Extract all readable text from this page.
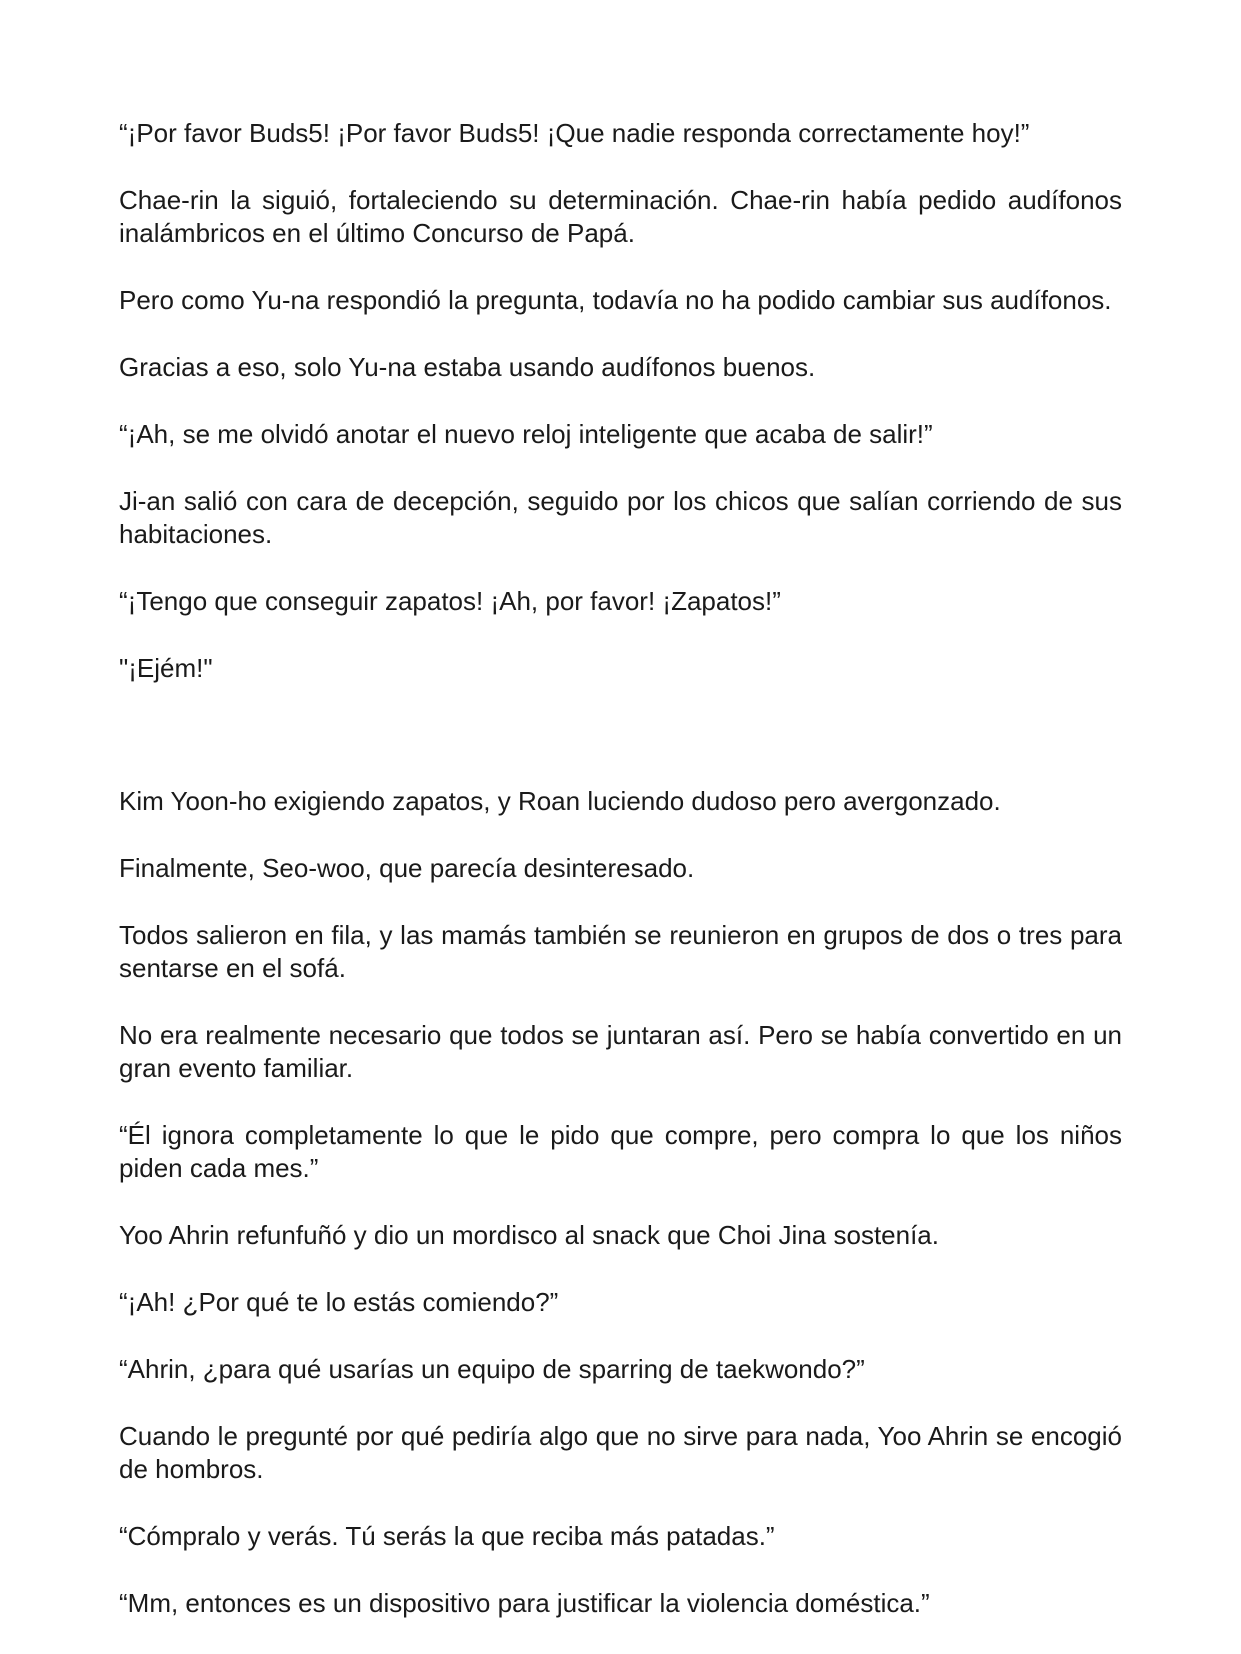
“¡Por favor Buds5! ¡Por favor Buds5! ¡Que nadie responda correctamente hoy!”

Chae-rin la siguió, fortaleciendo su determinación. Chae-rin había pedido audífonos inalámbricos en el último Concurso de Papá.

Pero como Yu-na respondió la pregunta, todavía no ha podido cambiar sus audífonos.

Gracias a eso, solo Yu-na estaba usando audífonos buenos.

“¡Ah, se me olvidó anotar el nuevo reloj inteligente que acaba de salir!”

Ji-an salió con cara de decepción, seguido por los chicos que salían corriendo de sus habitaciones.

“¡Tengo que conseguir zapatos! ¡Ah, por favor! ¡Zapatos!”

"¡Ejém!"

Kim Yoon-ho exigiendo zapatos, y Roan luciendo dudoso pero avergonzado.

Finalmente, Seo-woo, que parecía desinteresado.

Todos salieron en fila, y las mamás también se reunieron en grupos de dos o tres para sentarse en el sofá.

No era realmente necesario que todos se juntaran así. Pero se había convertido en un gran evento familiar.

“Él ignora completamente lo que le pido que compre, pero compra lo que los niños piden cada mes.”

Yoo Ahrin refunfuñó y dio un mordisco al snack que Choi Jina sostenía.

“¡Ah! ¿Por qué te lo estás comiendo?”

“Ahrin, ¿para qué usarías un equipo de sparring de taekwondo?”

Cuando le pregunté por qué pediría algo que no sirve para nada, Yoo Ahrin se encogió de hombros.

“Cómpralo y verás. Tú serás la que reciba más patadas.”

“Mm, entonces es un dispositivo para justificar la violencia doméstica.”
